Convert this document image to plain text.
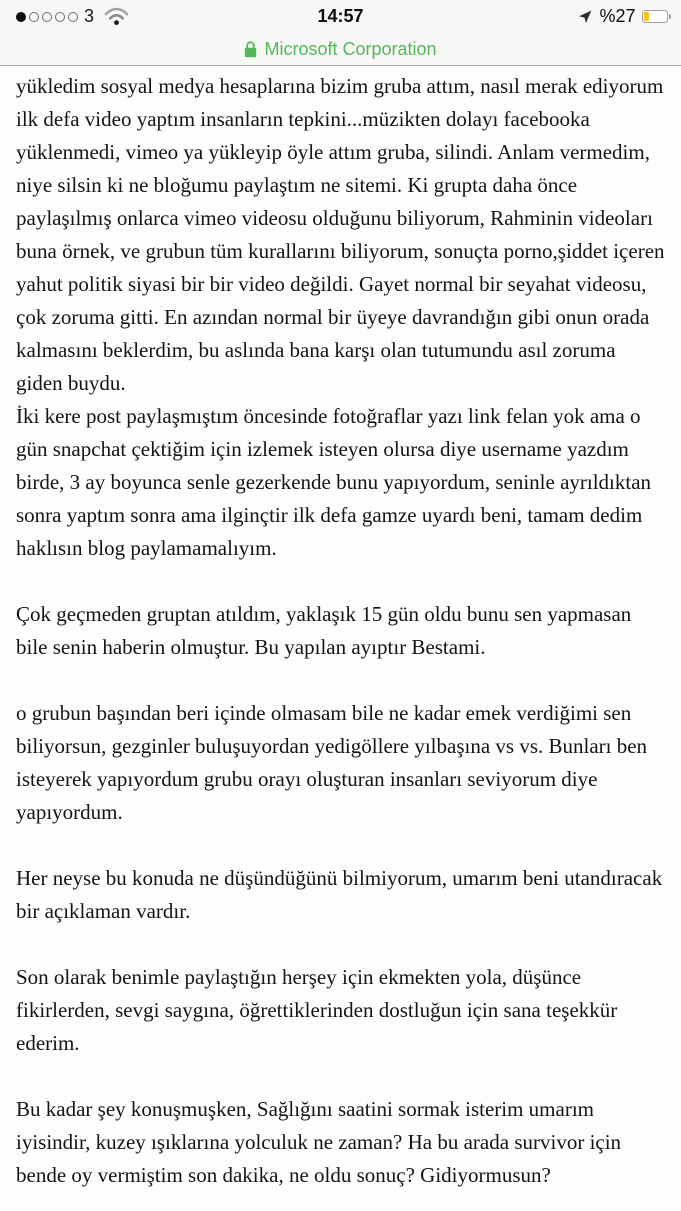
3	14:57	%27
Microsoft Corporation

yükledim sosyal medya hesaplarına bizim gruba attım, nasıl merak ediyorum ilk defa video yaptım insanların tepkini...müzikten dolayı facebooka yüklenmedi, vimeo ya yükleyip öyle attım gruba, silindi. Anlam vermedim, niye silsin ki ne bloğumu paylaştım ne sitemi. Ki grupta daha önce paylaşılmış onlarca vimeo videosu olduğunu biliyorum, Rahminin videoları buna örnek, ve grubun tüm kurallarını biliyorum, sonuçta porno,şiddet içeren yahut politik siyasi bir bir video değildi. Gayet normal bir seyahat videosu, çok zoruma gitti. En azından normal bir üyeye davrandığın gibi onun orada kalmasını beklerdim, bu aslında bana karşı olan tutumundu asıl zoruma giden buydu.

İki kere post paylaşmıştım öncesinde fotoğraflar yazı link felan yok ama o gün snapchat çektiğim için izlemek isteyen olursa diye username yazdım birde, 3 ay boyunca senle gezerkende bunu yapıyordum, seninle ayrıldıktan sonra yaptım sonra ama ilginçtir ilk defa gamze uyardı beni, tamam dedim haklısın blog paylamamalıyım.

Çok geçmeden gruptan atıldım, yaklaşık 15 gün oldu bunu sen yapmasan bile senin haberin olmuştur. Bu yapılan ayıptır Bestami.

o grubun başından beri içinde olmasam bile ne kadar emek verdiğimi sen biliyorsun, gezginler buluşuyordan yedigöllere yılbaşına vs vs. Bunları ben isteyerek yapıyordum grubu orayı oluşturan insanları seviyorum diye yapıyordum.

Her neyse bu konuda ne düşündüğünü bilmiyorum, umarım beni utandıracak bir açıklaman vardır.

Son olarak benimle paylaştığın herşey için ekmekten yola, düşünce fikirlerden, sevgi saygına, öğrettiklerinden dostluğun için sana teşekkür ederim.

Bu kadar şey konuşmuşken, Sağlığını saatini sormak isterim umarım iyisindir, kuzey ışıklarına yolculuk ne zaman? Ha bu arada survivor için bende oy vermiştim son dakika, ne oldu sonuç? Gidiyormusun?
